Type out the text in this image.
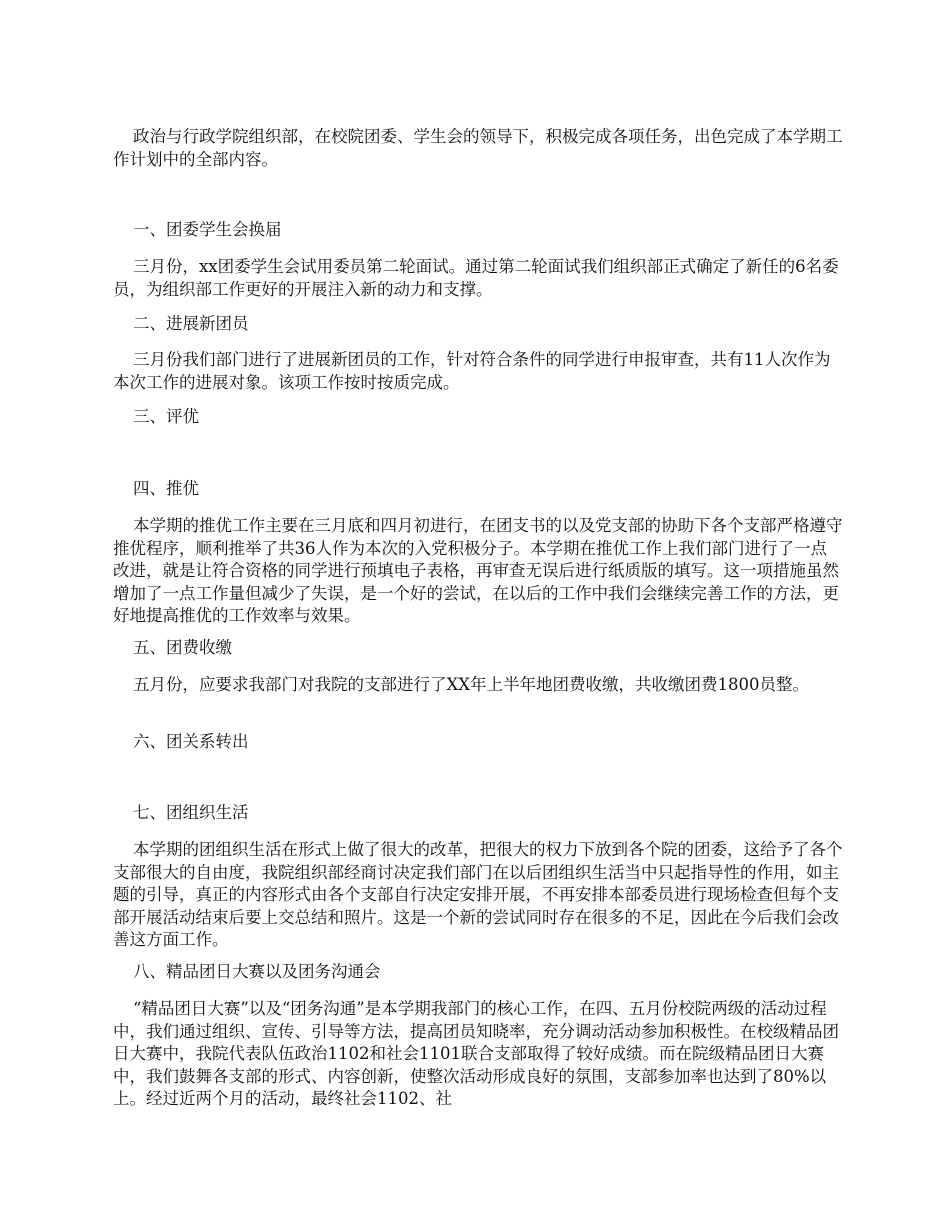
政治与行政学院组织部，在校院团委、学生会的领导下，积极完成各项任务，出色完成了本学期工作计划中的全部内容。

一、团委学生会换届

三月份，xx团委学生会试用委员第二轮面试。通过第二轮面试我们组织部正式确定了新任的6名委员，为组织部工作更好的开展注入新的动力和支撑。

二、进展新团员

三月份我们部门进行了进展新团员的工作，针对符合条件的同学进行申报审查，共有11人次作为本次工作的进展对象。该项工作按时按质完成。

三、评优

四、推优

本学期的推优工作主要在三月底和四月初进行，在团支书的以及党支部的协助下各个支部严格遵守推优程序，顺利推举了共36人作为本次的入党积极分子。本学期在推优工作上我们部门进行了一点改进，就是让符合资格的同学进行预填电子表格，再审查无误后进行纸质版的填写。这一项措施虽然增加了一点工作量但减少了失误，是一个好的尝试，在以后的工作中我们会继续完善工作的方法，更好地提高推优的工作效率与效果。

五、团费收缴

五月份，应要求我部门对我院的支部进行了XX年上半年地团费收缴，共收缴团费1800员整。

六、团关系转出

七、团组织生活

本学期的团组织生活在形式上做了很大的改革，把很大的权力下放到各个院的团委，这给予了各个支部很大的自由度，我院组织部经商讨决定我们部门在以后团组织生活当中只起指导性的作用，如主题的引导，真正的内容形式由各个支部自行决定安排开展，不再安排本部委员进行现场检查但每个支部开展活动结束后要上交总结和照片。这是一个新的尝试同时存在很多的不足，因此在今后我们会改善这方面工作。

八、精品团日大赛以及团务沟通会

“精品团日大赛”以及“团务沟通”是本学期我部门的核心工作，在四、五月份校院两级的活动过程中，我们通过组织、宣传、引导等方法，提高团员知晓率，充分调动活动参加积极性。在校级精品团日大赛中，我院代表队伍政治1102和社会1101联合支部取得了较好成绩。而在院级精品团日大赛中，我们鼓舞各支部的形式、内容创新，使整次活动形成良好的氛围，支部参加率也达到了80%以上。经过近两个月的活动，最终社会1102、社
